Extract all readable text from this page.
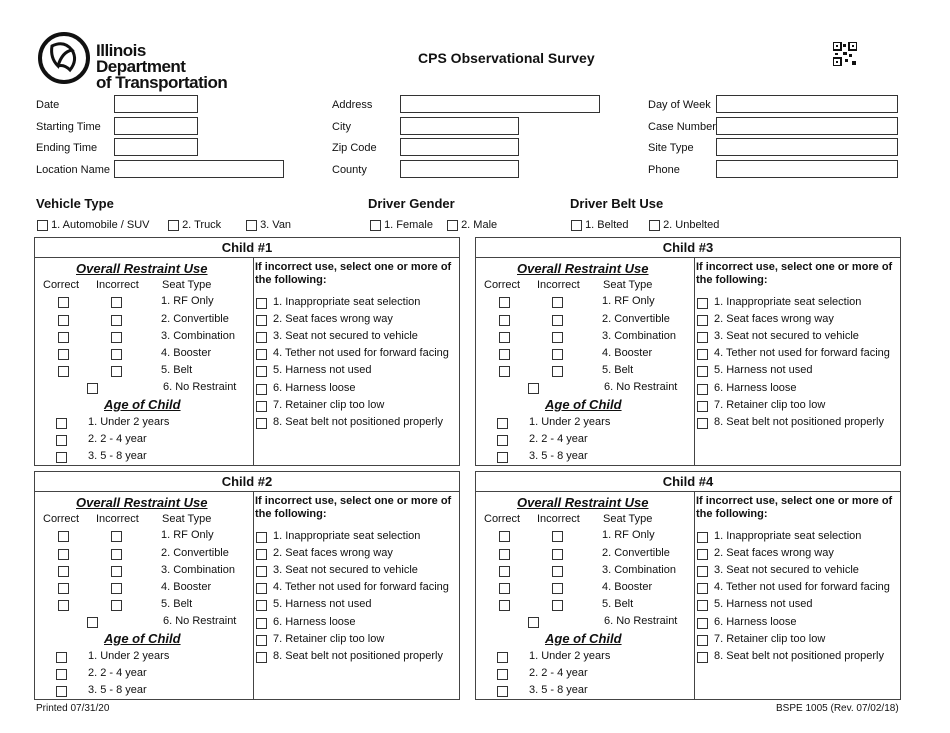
Illinois Department
of Transportation
CPS Observational Survey
Date
Starting Time
Ending Time
Location Name
Address
City
Zip Code
County
Day of Week
Case Number
Site Type
Phone
Vehicle Type	Driver Gender	Driver Belt Use
1. Automobile / SUV	2. Truck	3. Van	1. Female	2. Male	1. Belted	2. Unbelted
Child #1
Overall Restraint Use
Correct Incorrect Seat Type
1. RF Only
2. Convertible
3. Combination
4. Booster
5. Belt
6. No Restraint
Age of Child
1. Under 2 years
2. 2 - 4 year
3. 5 - 8 year
If incorrect use, select one or more of the following:
1. Inappropriate seat selection
2. Seat faces wrong way
3. Seat not secured to vehicle
4. Tether not used for forward facing
5. Harness not used
6. Harness loose
7. Retainer clip too low
8. Seat belt not positioned properly
Child #3
Overall Restraint Use
Correct Incorrect Seat Type
1. RF Only
2. Convertible
3. Combination
4. Booster
5. Belt
6. No Restraint
Age of Child
1. Under 2 years
2. 2 - 4 year
3. 5 - 8 year
If incorrect use, select one or more of the following:
1. Inappropriate seat selection
2. Seat faces wrong way
3. Seat not secured to vehicle
4. Tether not used for forward facing
5. Harness not used
6. Harness loose
7. Retainer clip too low
8. Seat belt not positioned properly
Child #2
Overall Restraint Use
Correct Incorrect Seat Type
1. RF Only
2. Convertible
3. Combination
4. Booster
5. Belt
6. No Restraint
Age of Child
1. Under 2 years
2. 2 - 4 year
3. 5 - 8 year
If incorrect use, select one or more of the following:
1. Inappropriate seat selection
2. Seat faces wrong way
3. Seat not secured to vehicle
4. Tether not used for forward facing
5. Harness not used
6. Harness loose
7. Retainer clip too low
8. Seat belt not positioned properly
Child #4
Overall Restraint Use
Correct Incorrect Seat Type
1. RF Only
2. Convertible
3. Combination
4. Booster
5. Belt
6. No Restraint
Age of Child
1. Under 2 years
2. 2 - 4 year
3. 5 - 8 year
If incorrect use, select one or more of the following:
1. Inappropriate seat selection
2. Seat faces wrong way
3. Seat not secured to vehicle
4. Tether not used for forward facing
5. Harness not used
6. Harness loose
7. Retainer clip too low
8. Seat belt not positioned properly
Printed 07/31/20	BSPE 1005 (Rev. 07/02/18)
